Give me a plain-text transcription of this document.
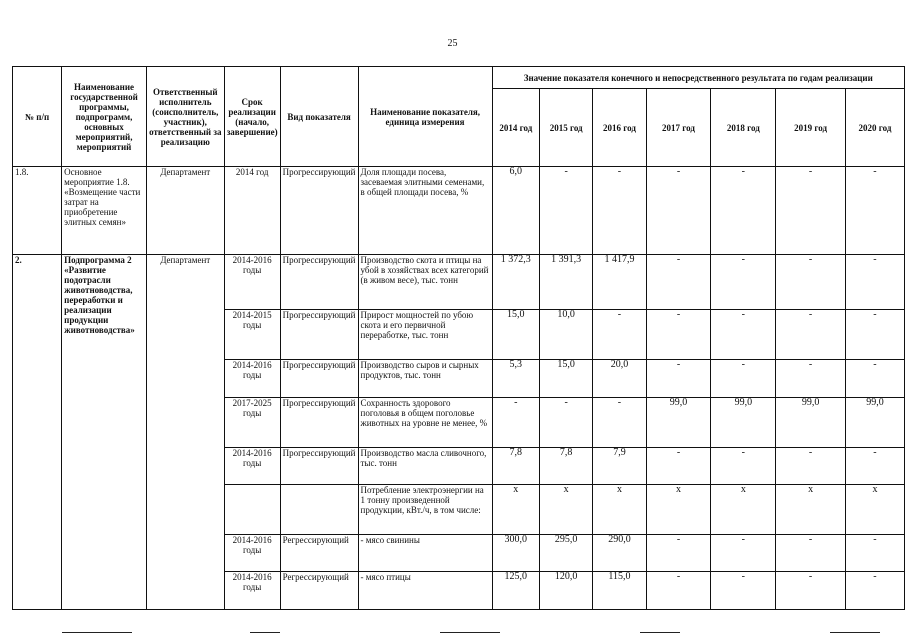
25
№ п/п	Наименование государственной программы, подпрограмм, основных мероприятий, мероприятий	Ответственный исполнитель (соисполнитель, участник), ответственный за реализацию	Срок реализации (начало, завершение)	Вид показателя	Наименование показателя, единица измерения	Значение показателя конечного и непосредственного результата по годам реализации						
						2014 год	2015 год	2016 год	2017 год	2018 год	2019 год	2020 год
1.8.	Основное мероприятие 1.8. «Возмещение части затрат на приобретение элитных семян»	Департамент	2014 год	Прогрессирующий	Доля площади посева, засеваемая элитными семенами, в общей площади посева, %	6,0	-	-	-	-	-	-
2.	Подпрограмма 2 «Развитие подотрасли животноводства, переработки и реализации продукции животноводства»	Департамент	2014-2016 годы	Прогрессирующий	Производство скота и птицы на убой в хозяйствах всех категорий (в живом весе), тыс. тонн	1 372,3	1 391,3	1 417,9	-	-	-	-
			2014-2015 годы	Прогрессирующий	Прирост мощностей по убою скота и его первичной переработке, тыс. тонн	15,0	10,0	-	-	-	-	-
			2014-2016 годы	Прогрессирующий	Производство сыров и сырных продуктов, тыс. тонн	5,3	15,0	20,0	-	-	-	-
			2017-2025 годы	Прогрессирующий	Сохранность здорового поголовья в общем поголовье животных на уровне не менее, %	-	-	-	99,0	99,0	99,0	99,0
			2014-2016 годы	Прогрессирующий	Производство масла сливочного, тыс. тонн	7,8	7,8	7,9	-	-	-	-
					Потребление электроэнергии на 1 тонну произведенной продукции, кВт./ч, в том числе:	x	x	x	x	x	x	x
			2014-2016 годы	Регрессирующий	- мясо свинины	300,0	295,0	290,0	-	-	-	-
			2014-2016 годы	Регрессирующий	- мясо птицы	125,0	120,0	115,0	-	-	-	-
